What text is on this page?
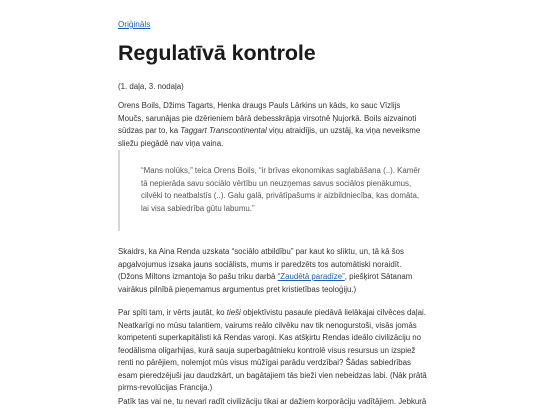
Oriģināls
Regulatīvā kontrole
(1. daļa, 3. nodaļa)
Orens Boils, Džims Tagarts, Henka draugs Pauls Lārkins un kāds, ko sauc Vīzlijs
Moučs, sarunājas pie dzērieniem bārā debesskrāpja virsotnē Ņujorkā. Boils aizvainoti
sūdzas par to, ka Taggart Transcontinental viņu atraidījis, un uzstāj, ka viņa neveiksme
sliežu piegādē nav viņa vaina.
“Mans nolūks,” teica Orens Boils, “ir brīvas ekonomikas saglabāšana (..). Kamēr
tā nepierāda savu sociālo vērtību un neuzņemas savus sociālos pienākumus,
cilvēki to neatbalstīs (..). Galu galā, privātīpašums ir aizbildniecība, kas domāta,
lai visa sabiedrība gūtu labumu.”
Skaidrs, ka Aina Renda uzskata “sociālo atbildību” par kaut ko sliktu, un, tā kā šos
apgalvojumus izsaka jauns sociālists, mums ir paredzēts tos automātiski noraidīt.
(Džons Miltons izmantoja šo pašu triku darbā “Zaudētā paradīze”, piešķirot Sātanam
vairākus pilnībā pieņemamus argumentus pret kristietības teoloģiju.)
Par spīti tam, ir vērts jautāt, ko tieši objektīvistu pasaule piedāvā lielākajai cilvēces daļai.
Neatkarīgi no mūsu talantiem, vairums reālo cilvēku nav tik nenogurstoši, visās jomās
kompetenti superkapitālisti kā Rendas varoņi. Kas atšķirtu Rendas ideālo civilizāciju no
feodālisma oligarhijas, kurā sauja superbagātnieku kontrolē visus resursus un izspiež
renti no pārējiem, nolemjot mūs visus mūžīgai parādu verdzībai? Šādas sabiedrības
esam pieredzējuši jau daudzkārt, un bagātajiem tās bieži vien nebeidzas labi. (Nāk prātā
pirms-revolūcijas Francija.)
Patīk tas vai ne, tu nevari radīt civilizāciju tikai ar dažiem korporāciju vadītājiem. Jebkurā
